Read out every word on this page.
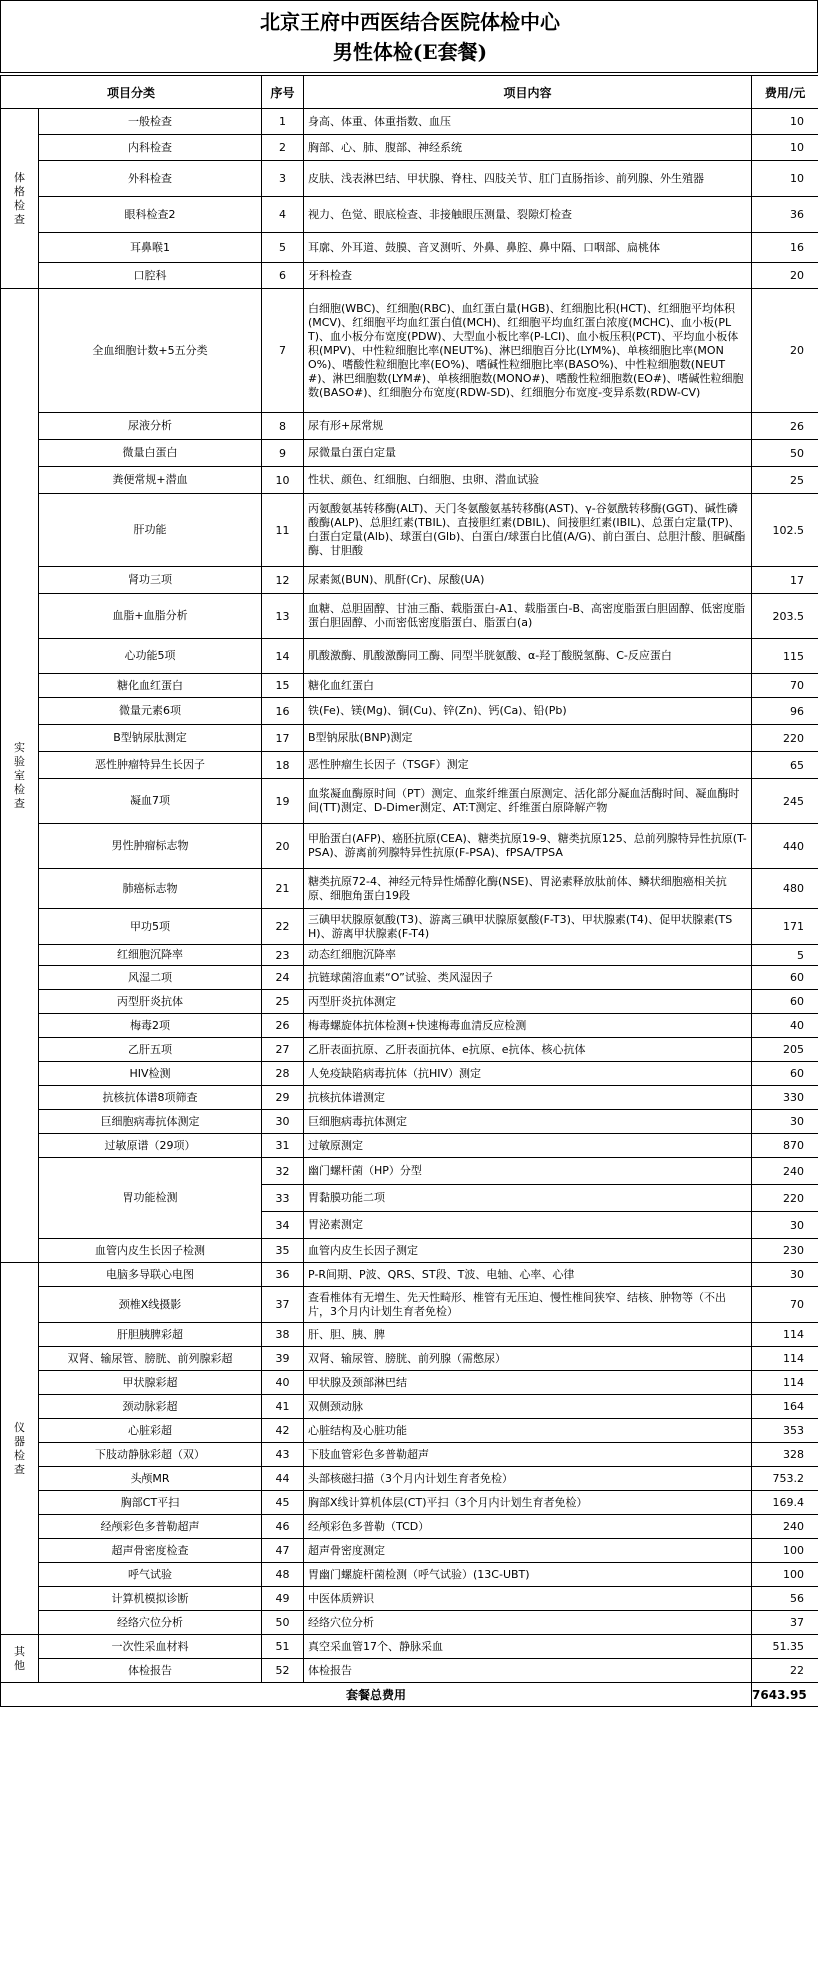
北京王府中西医结合医院体检中心
男性体检(E套餐)
项目分类		序号	项目内容	费用/元
体格检查	一般检查	1	身高、体重、体重指数、血压	10
	内科检查	2	胸部、心、肺、腹部、神经系统	10
	外科检查	3	皮肤、浅表淋巴结、甲状腺、脊柱、四肢关节、肛门直肠指诊、前列腺、外生殖器	10
	眼科检查2	4	视力、色觉、眼底检查、非接触眼压测量、裂隙灯检查	36
	耳鼻喉1	5	耳廓、外耳道、鼓膜、音叉测听、外鼻、鼻腔、鼻中隔、口咽部、扁桃体	16
	口腔科	6	牙科检查	20
实验室检查	全血细胞计数+5五分类	7	白细胞(WBC)、红细胞(RBC)、血红蛋白量(HGB)、红细胞比积(HCT)、红细胞平均体积(MCV)、红细胞平均血红蛋白值(MCH)、红细胞平均血红蛋白浓度(MCHC)、血小板(PLT)、血小板分布宽度(PDW)、大型血小板比率(P-LCI)、血小板压积(PCT)、平均血小板体积(MPV)、中性粒细胞比率(NEUT%)、淋巴细胞百分比(LYM%)、单核细胞比率(MONO%)、嗜酸性粒细胞比率(EO%)、嗜碱性粒细胞比率(BASO%)、中性粒细胞数(NEUT#)、淋巴细胞数(LYM#)、单核细胞数(MONO#)、嗜酸性粒细胞数(EO#)、嗜碱性粒细胞数(BASO#)、红细胞分布宽度(RDW-SD)、红细胞分布宽度-变异系数(RDW-CV)	20
	尿液分析	8	尿有形+尿常规	26
	微量白蛋白	9	尿微量白蛋白定量	50
	粪便常规+潜血	10	性状、颜色、红细胞、白细胞、虫卵、潜血试验	25
	肝功能	11	丙氨酸氨基转移酶(ALT)、天门冬氨酸氨基转移酶(AST)、γ-谷氨酰转移酶(GGT)、碱性磷酸酶(ALP)、总胆红素(TBIL)、直接胆红素(DBIL)、间接胆红素(IBIL)、总蛋白定量(TP)、白蛋白定量(Alb)、球蛋白(Glb)、白蛋白/球蛋白比值(A/G)、前白蛋白、总胆汁酸、胆碱酯酶、甘胆酸	102.5
	肾功三项	12	尿素氮(BUN)、肌酐(Cr)、尿酸(UA)	17
	血脂+血脂分析	13	血糖、总胆固醇、甘油三酯、载脂蛋白-A1、载脂蛋白-B、高密度脂蛋白胆固醇、低密度脂蛋白胆固醇、小而密低密度脂蛋白、脂蛋白(a)	203.5
	心功能5项	14	肌酸激酶、肌酸激酶同工酶、同型半胱氨酸、α-羟丁酸脱氢酶、C-反应蛋白	115
	糖化血红蛋白	15	糖化血红蛋白	70
	微量元素6项	16	铁(Fe)、镁(Mg)、铜(Cu)、锌(Zn)、钙(Ca)、铅(Pb)	96
	B型钠尿肽测定	17	B型钠尿肽(BNP)测定	220
	恶性肿瘤特异生长因子	18	恶性肿瘤生长因子（TSGF）测定	65
	凝血7项	19	血浆凝血酶原时间（PT）测定、血浆纤维蛋白原测定、活化部分凝血活酶时间、凝血酶时间(TT)测定、D-Dimer测定、AT:T测定、纤维蛋白原降解产物	245
	男性肿瘤标志物	20	甲胎蛋白(AFP)、癌胚抗原(CEA)、糖类抗原19-9、糖类抗原125、总前列腺特异性抗原(T-PSA)、游离前列腺特异性抗原(F-PSA)、fPSA/TPSA	440
	肺癌标志物	21	糖类抗原72-4、神经元特异性烯醇化酶(NSE)、胃泌素释放肽前体、鳞状细胞癌相关抗原、细胞角蛋白19段	480
	甲功5项	22	三碘甲状腺原氨酸(T3)、游离三碘甲状腺原氨酸(F-T3)、甲状腺素(T4)、促甲状腺素(TSH)、游离甲状腺素(F-T4)	171
	红细胞沉降率	23	动态红细胞沉降率	5
	风湿二项	24	抗链球菌溶血素“O”试验、类风湿因子	60
	丙型肝炎抗体	25	丙型肝炎抗体测定	60
	梅毒2项	26	梅毒螺旋体抗体检测+快速梅毒血清反应检测	40
	乙肝五项	27	乙肝表面抗原、乙肝表面抗体、e抗原、e抗体、核心抗体	205
	HIV检测	28	人免疫缺陷病毒抗体（抗HIV）测定	60
	抗核抗体谱8项筛查	29	抗核抗体谱测定	330
	巨细胞病毒抗体测定	30	巨细胞病毒抗体测定	30
	过敏原谱（29项）	31	过敏原测定	870
	胃功能检测	32	幽门螺杆菌（HP）分型	240
		33	胃黏膜功能二项	220
		34	胃泌素测定	30
	血管内皮生长因子检测	35	血管内皮生长因子测定	230
仪器检查	电脑多导联心电图	36	P-R间期、P波、QRS、ST段、T波、电轴、心率、心律	30
	颈椎X线摄影	37	查看椎体有无增生、先天性畸形、椎管有无压迫、慢性椎间狭窄、结核、肿物等（不出片，3个月内计划生育者免检）	70
	肝胆胰脾彩超	38	肝、胆、胰、脾	114
	双肾、输尿管、膀胱、前列腺彩超	39	双肾、输尿管、膀胱、前列腺（需憋尿）	114
	甲状腺彩超	40	甲状腺及颈部淋巴结	114
	颈动脉彩超	41	双侧颈动脉	164
	心脏彩超	42	心脏结构及心脏功能	353
	下肢动静脉彩超（双）	43	下肢血管彩色多普勒超声	328
	头颅MR	44	头部核磁扫描（3个月内计划生育者免检）	753.2
	胸部CT平扫	45	胸部X线计算机体层(CT)平扫（3个月内计划生育者免检）	169.4
	经颅彩色多普勒超声	46	经颅彩色多普勒（TCD）	240
	超声骨密度检查	47	超声骨密度测定	100
	呼气试验	48	胃幽门螺旋杆菌检测（呼气试验）(13C-UBT)	100
	计算机模拟诊断	49	中医体质辨识	56
	经络穴位分析	50	经络穴位分析	37
其他	一次性采血材料	51	真空采血管17个、静脉采血	51.35
	体检报告	52	体检报告	22
套餐总费用				7643.95
